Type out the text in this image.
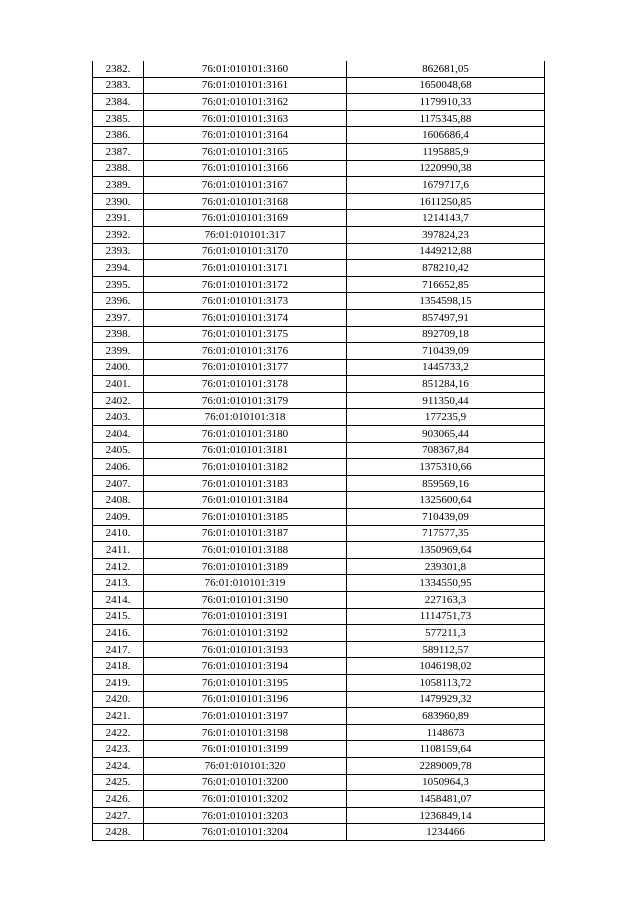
2382.	76:01:010101:3160	862681,05
2383.	76:01:010101:3161	1650048,68
2384.	76:01:010101:3162	1179910,33
2385.	76:01:010101:3163	1175345,88
2386.	76:01:010101:3164	1606686,4
2387.	76:01:010101:3165	1195885,9
2388.	76:01:010101:3166	1220990,38
2389.	76:01:010101:3167	1679717,6
2390.	76:01:010101:3168	1611250,85
2391.	76:01:010101:3169	1214143,7
2392.	76:01:010101:317	397824,23
2393.	76:01:010101:3170	1449212,88
2394.	76:01:010101:3171	878210,42
2395.	76:01:010101:3172	716652,85
2396.	76:01:010101:3173	1354598,15
2397.	76:01:010101:3174	857497,91
2398.	76:01:010101:3175	892709,18
2399.	76:01:010101:3176	710439,09
2400.	76:01:010101:3177	1445733,2
2401.	76:01:010101:3178	851284,16
2402.	76:01:010101:3179	911350,44
2403.	76:01:010101:318	177235,9
2404.	76:01:010101:3180	903065,44
2405.	76:01:010101:3181	708367,84
2406.	76:01:010101:3182	1375310,66
2407.	76:01:010101:3183	859569,16
2408.	76:01:010101:3184	1325600,64
2409.	76:01:010101:3185	710439,09
2410.	76:01:010101:3187	717577,35
2411.	76:01:010101:3188	1350969,64
2412.	76:01:010101:3189	239301,8
2413.	76:01:010101:319	1334550,95
2414.	76:01:010101:3190	227163,3
2415.	76:01:010101:3191	1114751,73
2416.	76:01:010101:3192	577211,3
2417.	76:01:010101:3193	589112,57
2418.	76:01:010101:3194	1046198,02
2419.	76:01:010101:3195	1058113,72
2420.	76:01:010101:3196	1479929,32
2421.	76:01:010101:3197	683960,89
2422.	76:01:010101:3198	1148673
2423.	76:01:010101:3199	1108159,64
2424.	76:01:010101:320	2289009,78
2425.	76:01:010101:3200	1050964,3
2426.	76:01:010101:3202	1458481,07
2427.	76:01:010101:3203	1236849,14
2428.	76:01:010101:3204	1234466
